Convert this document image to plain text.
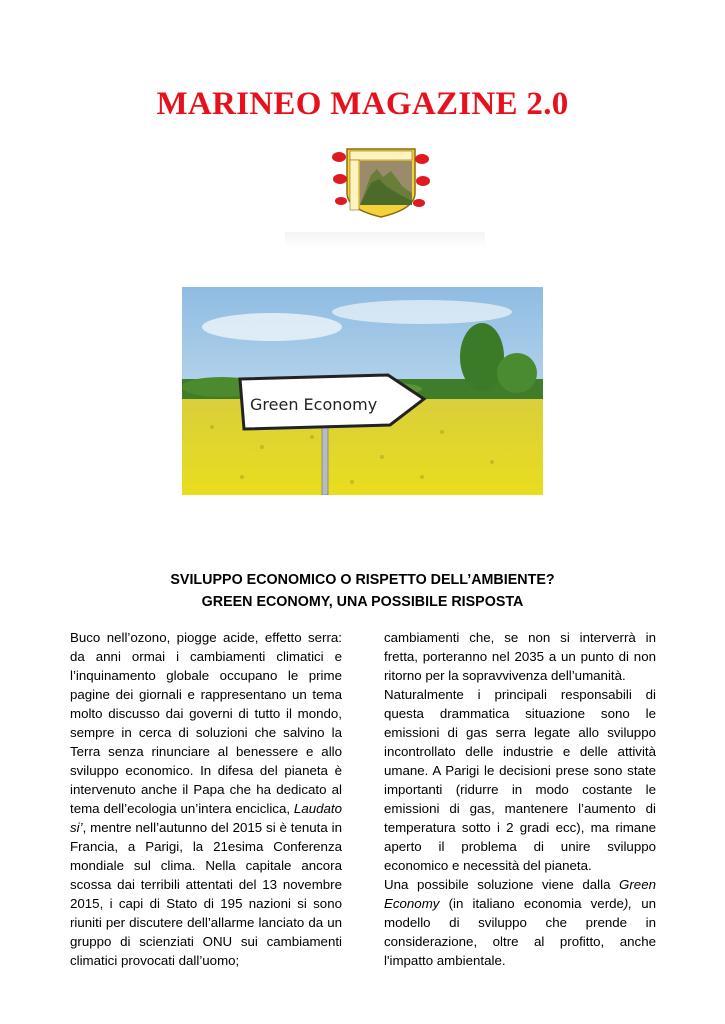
MARINEO MAGAZINE 2.0
Green Economy
SVILUPPO ECONOMICO O RISPETTO DELL’AMBIENTE?
GREEN ECONOMY, UNA POSSIBILE RISPOSTA

Buco nell’ozono, piogge acide, effetto serra: da anni ormai i cambiamenti climatici e l’inquinamento globale occupano le prime pagine dei giornali e rappresentano un tema molto discusso dai governi di tutto il mondo, sempre in cerca di soluzioni che salvino la Terra senza rinunciare al benessere e allo sviluppo economico. In difesa del pianeta è intervenuto anche il Papa che ha dedicato al tema dell’ecologia un’intera enciclica, Laudato si’, mentre nell’autunno del 2015 si è tenuta in Francia, a Parigi, la 21esima Conferenza mondiale sul clima. Nella capitale ancora scossa dai terribili attentati del 13 novembre 2015, i capi di Stato di 195 nazioni si sono riuniti per discutere dell’allarme lanciato da un gruppo di scienziati ONU sui cambiamenti climatici provocati dall’uomo;

cambiamenti che, se non si interverrà in fretta, porteranno nel 2035 a un punto di non ritorno per la sopravvivenza dell’umanità.

Naturalmente i principali responsabili di questa drammatica situazione sono le emissioni di gas serra legate allo sviluppo incontrollato delle industrie e delle attività umane. A Parigi le decisioni prese sono state importanti (ridurre in modo costante le emissioni di gas, mantenere l’aumento di temperatura sotto i 2 gradi ecc), ma rimane aperto il problema di unire sviluppo economico e necessità del pianeta.

Una possibile soluzione viene dalla Green Economy (in italiano economia verde), un modello di sviluppo che prende in considerazione, oltre al profitto, anche l'impatto ambientale.
